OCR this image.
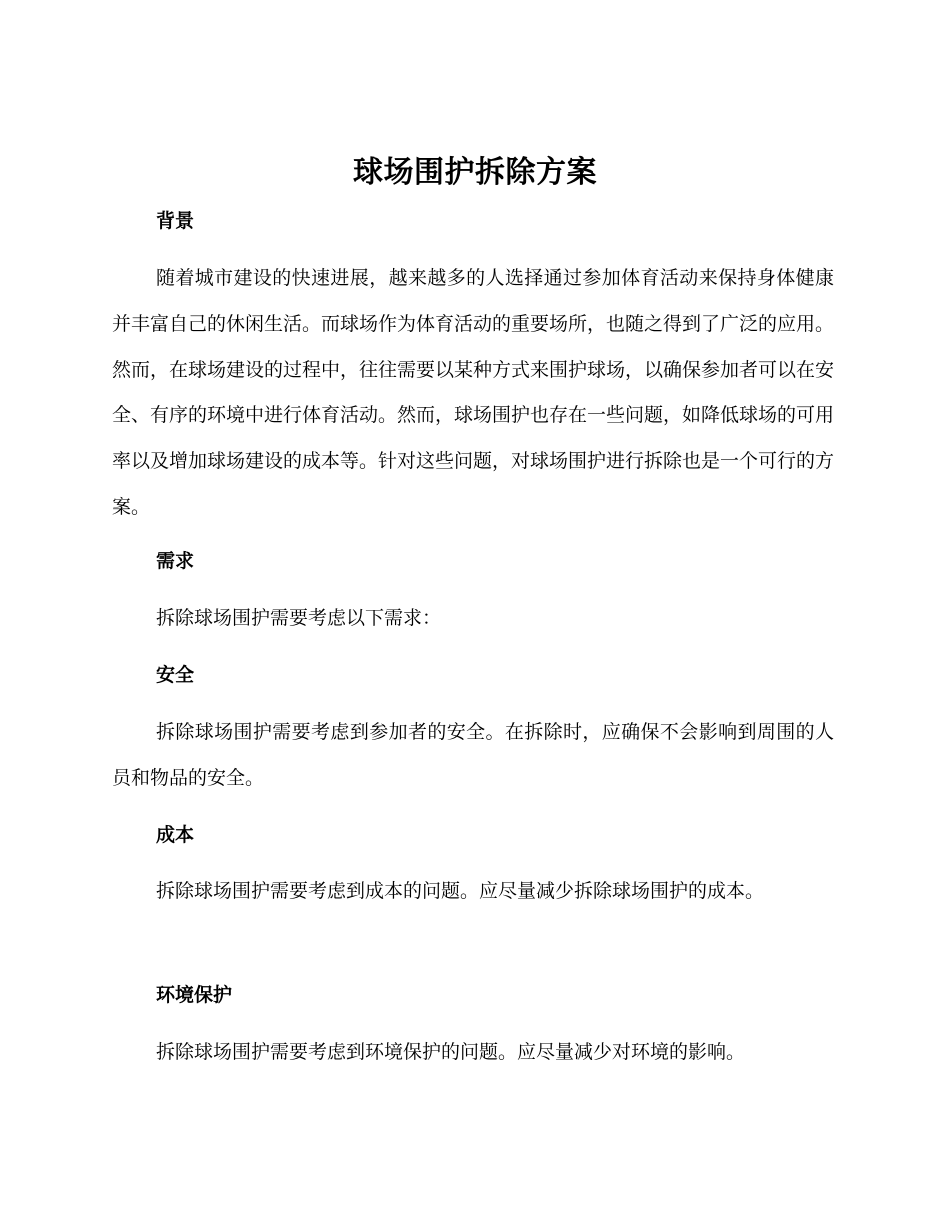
球场围护拆除方案
背景
随着城市建设的快速进展，越来越多的人选择通过参加体育活动来保持身体健康并丰富自己的休闲生活。而球场作为体育活动的重要场所，也随之得到了广泛的应用。然而，在球场建设的过程中，往往需要以某种方式来围护球场，以确保参加者可以在安全、有序的环境中进行体育活动。然而，球场围护也存在一些问题，如降低球场的可用率以及增加球场建设的成本等。针对这些问题，对球场围护进行拆除也是一个可行的方案。
需求
拆除球场围护需要考虑以下需求：
安全
拆除球场围护需要考虑到参加者的安全。在拆除时，应确保不会影响到周围的人员和物品的安全。
成本
拆除球场围护需要考虑到成本的问题。应尽量减少拆除球场围护的成本。
环境保护
拆除球场围护需要考虑到环境保护的问题。应尽量减少对环境的影响。
